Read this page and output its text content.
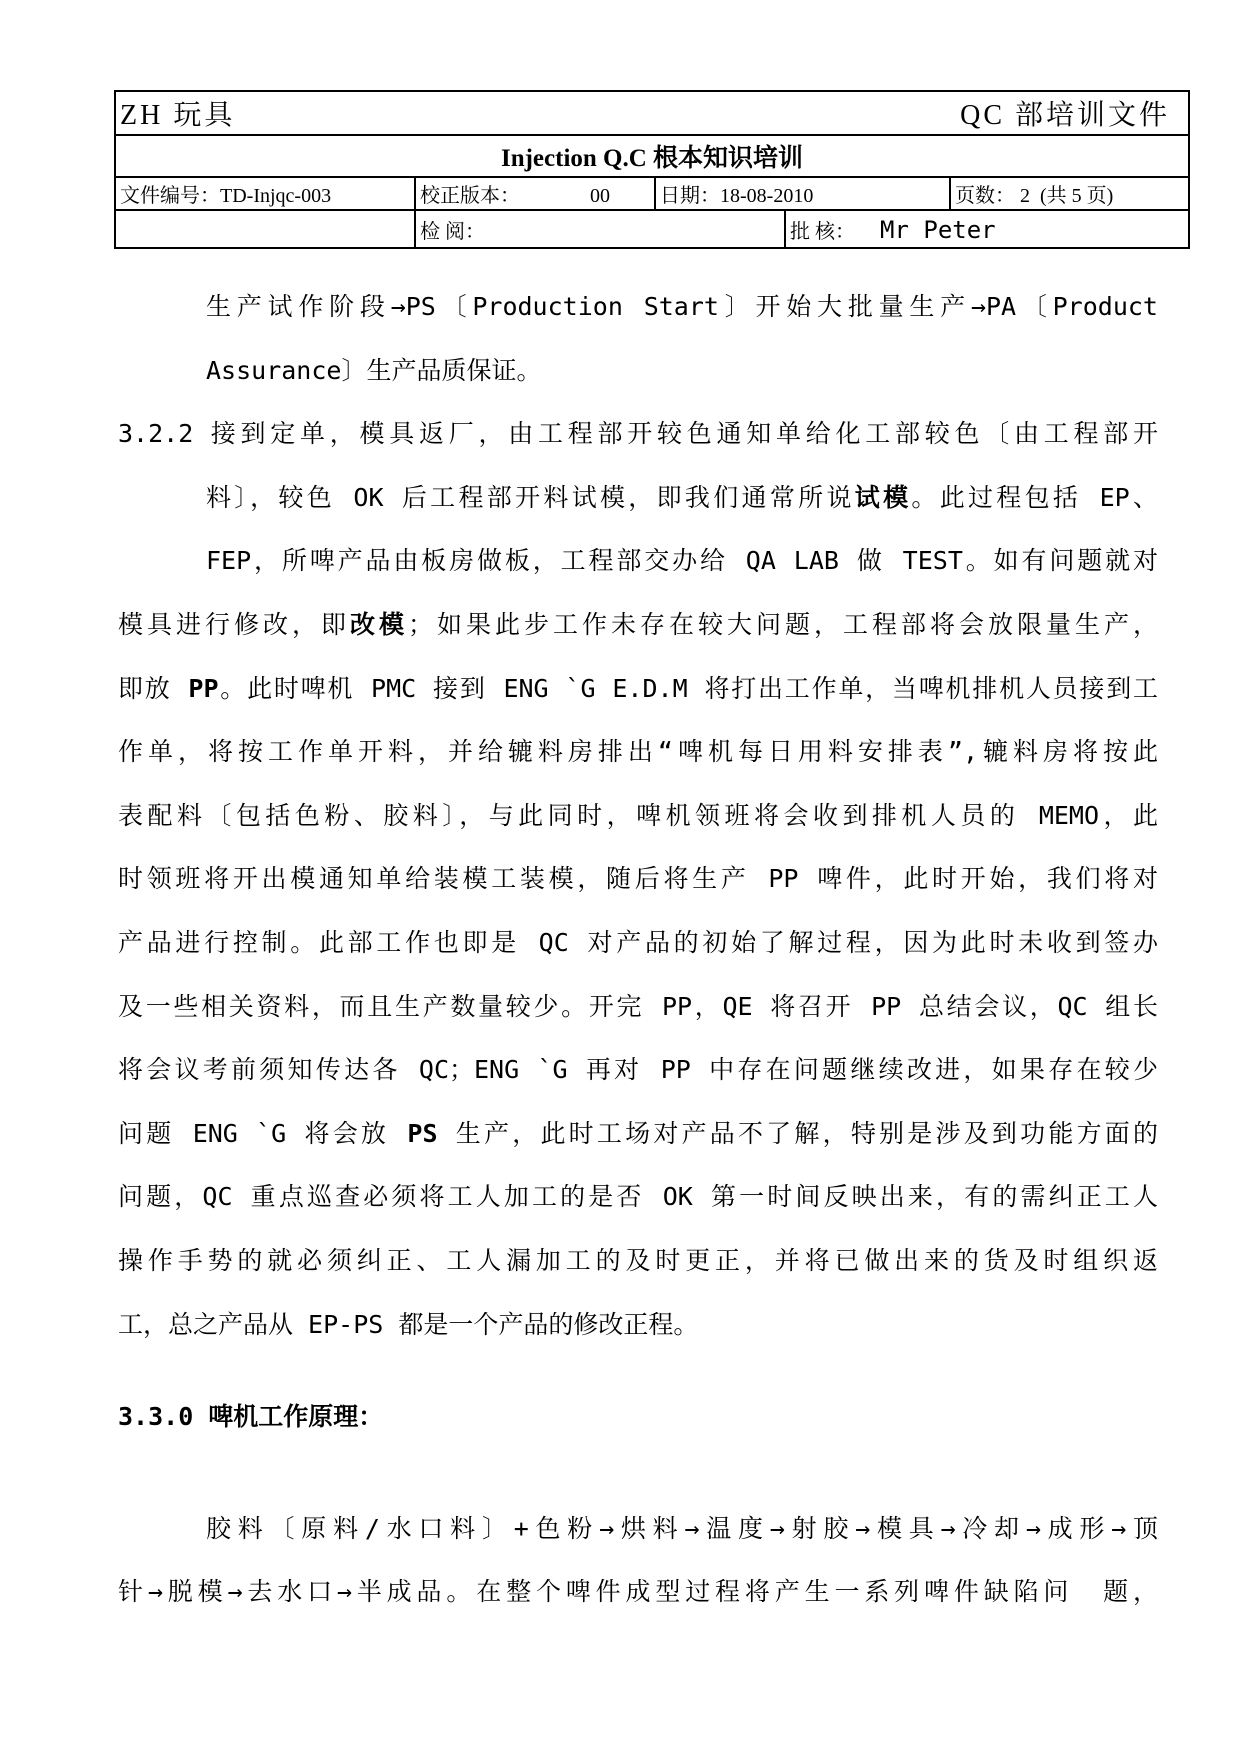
ZH 玩具			QC 部培训文件	
Injection Q.C 根本知识培训				
文件编号：TD-Injqc-003	校正版本： 00	日期：18-08-2010		页数： 2 (共 5 页)
	检 阅：		批 核： Mr Peter	
生产试作阶段→PS〔Production Start〕开始大批量生产→PA〔Product
Assurance〕生产品质保证。
3.2.2 接到定单，模具返厂，由工程部开较色通知单给化工部较色〔由工程部开
料〕，较色 OK 后工程部开料试模，即我们通常所说试模。此过程包括 EP、
FEP，所啤产品由板房做板，工程部交办给 QA LAB 做 TEST。如有问题就对
模具进行修改，即改模；如果此步工作未存在较大问题，工程部将会放限量生产，
即放 PP。此时啤机 PMC 接到 ENG `G E.D.M 将打出工作单，当啤机排机人员接到工
作单，将按工作单开料，并给辘料房排出“啤机每日用料安排表”,辘料房将按此
表配料〔包括色粉、胶料〕，与此同时，啤机领班将会收到排机人员的 MEMO，此
时领班将开出模通知单给装模工装模，随后将生产 PP 啤件，此时开始，我们将对
产品进行控制。此部工作也即是 QC 对产品的初始了解过程，因为此时未收到签办
及一些相关资料，而且生产数量较少。开完 PP，QE 将召开 PP 总结会议，QC 组长
将会议考前须知传达各 QC；ENG `G 再对 PP 中存在问题继续改进，如果存在较少
问题 ENG `G 将会放 PS 生产，此时工场对产品不了解，特别是涉及到功能方面的
问题，QC 重点巡查必须将工人加工的是否 OK 第一时间反映出来，有的需纠正工人
操作手势的就必须纠正、工人漏加工的及时更正，并将已做出来的货及时组织返
工，总之产品从 EP-PS 都是一个产品的修改正程。
3.3.0 啤机工作原理：
胶料〔原料/水口料〕+色粉→烘料→温度→射胶→模具→冷却→成形→顶
针→脱模→去水口→半成品。在整个啤件成型过程将产生一系列啤件缺陷问　题，
